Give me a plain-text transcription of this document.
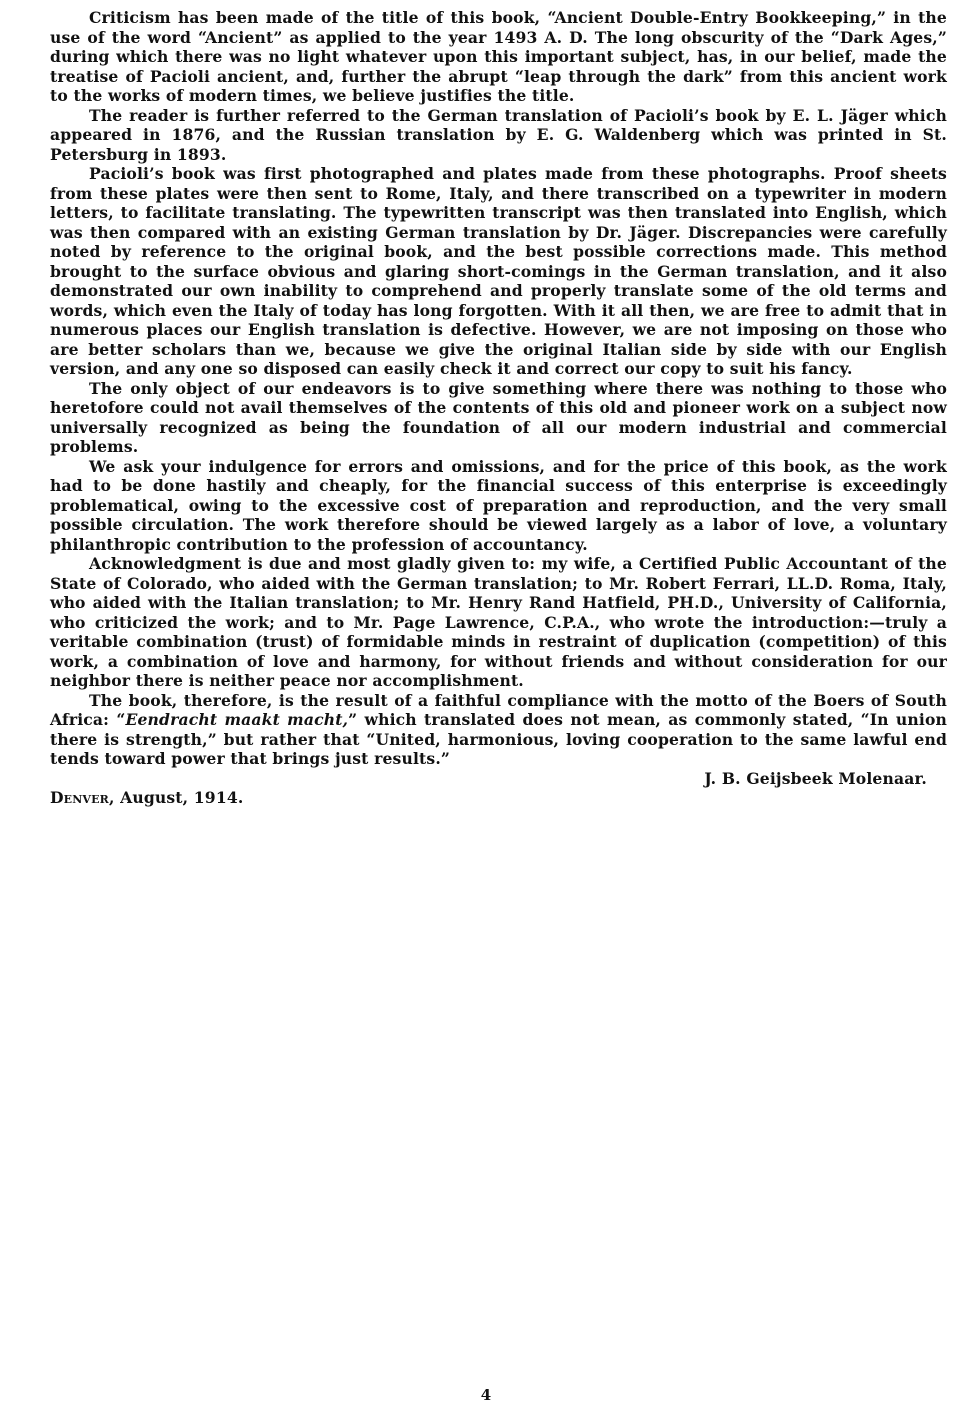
Criticism has been made of the title of this book, “Ancient Double-Entry Bookkeeping,” in the use of the word “Ancient” as applied to the year 1493 A. D. The long obscurity of the “Dark Ages,” during which there was no light whatever upon this important subject, has, in our belief, made the treatise of Pacioli ancient, and, further the abrupt “leap through the dark” from this ancient work to the works of modern times, we believe justifies the title.

The reader is further referred to the German translation of Pacioli’s book by E. L. Jäger which appeared in 1876, and the Russian translation by E. G. Waldenberg which was printed in St. Petersburg in 1893.

Pacioli’s book was first photographed and plates made from these photographs. Proof sheets from these plates were then sent to Rome, Italy, and there transcribed on a typewriter in modern letters, to facilitate translating. The typewritten transcript was then translated into English, which was then compared with an existing German translation by Dr. Jäger. Discrepancies were carefully noted by reference to the original book, and the best possible corrections made. This method brought to the surface obvious and glaring short-comings in the German translation, and it also demonstrated our own inability to comprehend and properly translate some of the old terms and words, which even the Italy of today has long forgotten. With it all then, we are free to admit that in numerous places our English translation is defective. However, we are not imposing on those who are better scholars than we, because we give the original Italian side by side with our English version, and any one so disposed can easily check it and correct our copy to suit his fancy.

The only object of our endeavors is to give something where there was nothing to those who heretofore could not avail themselves of the contents of this old and pioneer work on a subject now universally recognized as being the foundation of all our modern industrial and commercial problems.

We ask your indulgence for errors and omissions, and for the price of this book, as the work had to be done hastily and cheaply, for the financial success of this enterprise is exceedingly problematical, owing to the excessive cost of preparation and reproduction, and the very small possible circulation. The work therefore should be viewed largely as a labor of love, a voluntary philanthropic contribution to the profession of accountancy.

Acknowledgment is due and most gladly given to: my wife, a Certified Public Accountant of the State of Colorado, who aided with the German translation; to Mr. Robert Ferrari, LL.D. Roma, Italy, who aided with the Italian translation; to Mr. Henry Rand Hatfield, PH.D., University of California, who criticized the work; and to Mr. Page Lawrence, C.P.A., who wrote the introduction:—truly a veritable combination (trust) of formidable minds in restraint of duplication (competition) of this work, a combination of love and harmony, for without friends and without consideration for our neighbor there is neither peace nor accomplishment.

The book, therefore, is the result of a faithful compliance with the motto of the Boers of South Africa: “Eendracht maakt macht,” which translated does not mean, as commonly stated, “In union there is strength,” but rather that “United, harmonious, loving cooperation to the same lawful end tends toward power that brings just results.”

J. B. Geijsbeek Molenaar.

Denver, August, 1914.

4
